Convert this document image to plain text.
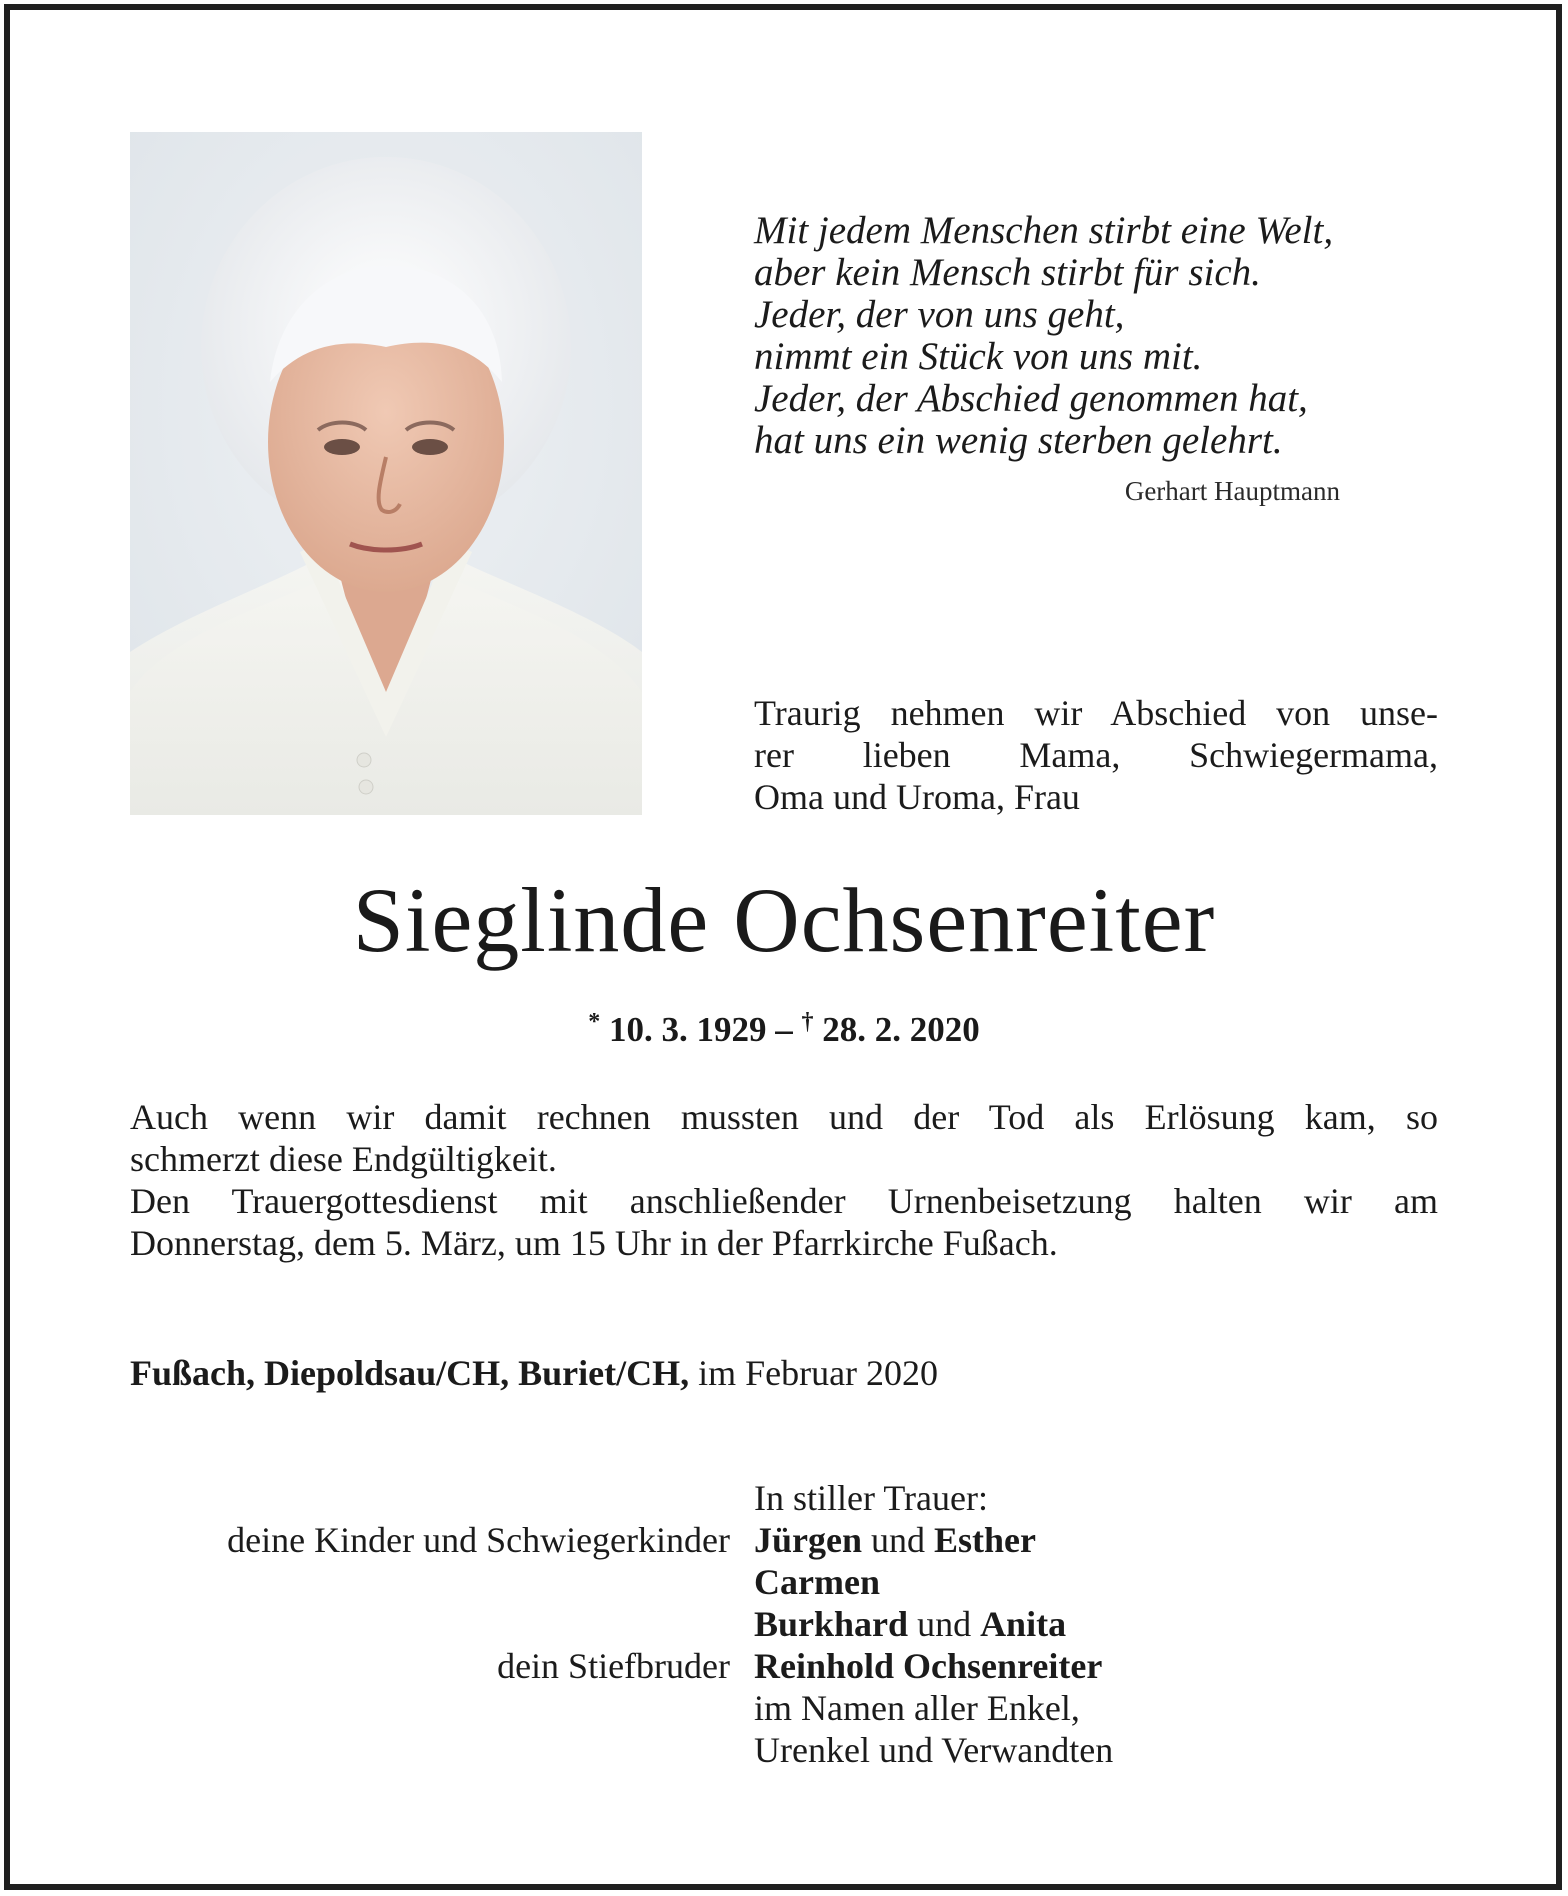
Mit jedem Menschen stirbt eine Welt,
aber kein Mensch stirbt für sich.
Jeder, der von uns geht,
nimmt ein Stück von uns mit.
Jeder, der Abschied genommen hat,
hat uns ein wenig sterben gelehrt.
Gerhart Hauptmann
Traurig nehmen wir Abschied von unse-
rer lieben Mama, Schwiegermama,
Oma und Uroma, Frau
Sieglinde Ochsenreiter
* 10. 3. 1929 – † 28. 2. 2020
Auch wenn wir damit rechnen mussten und der Tod als Erlösung kam, so
schmerzt diese Endgültigkeit.
Den Trauergottesdienst mit anschließender Urnenbeisetzung halten wir am
Donnerstag, dem 5. März, um 15 Uhr in der Pfarrkirche Fußach.
Fußach, Diepoldsau/CH, Buriet/CH, im Februar 2020
In stiller Trauer:
deine Kinder und Schwiegerkinder Jürgen und Esther
Carmen
Burkhard und Anita
dein Stiefbruder Reinhold Ochsenreiter
im Namen aller Enkel,
Urenkel und Verwandten
